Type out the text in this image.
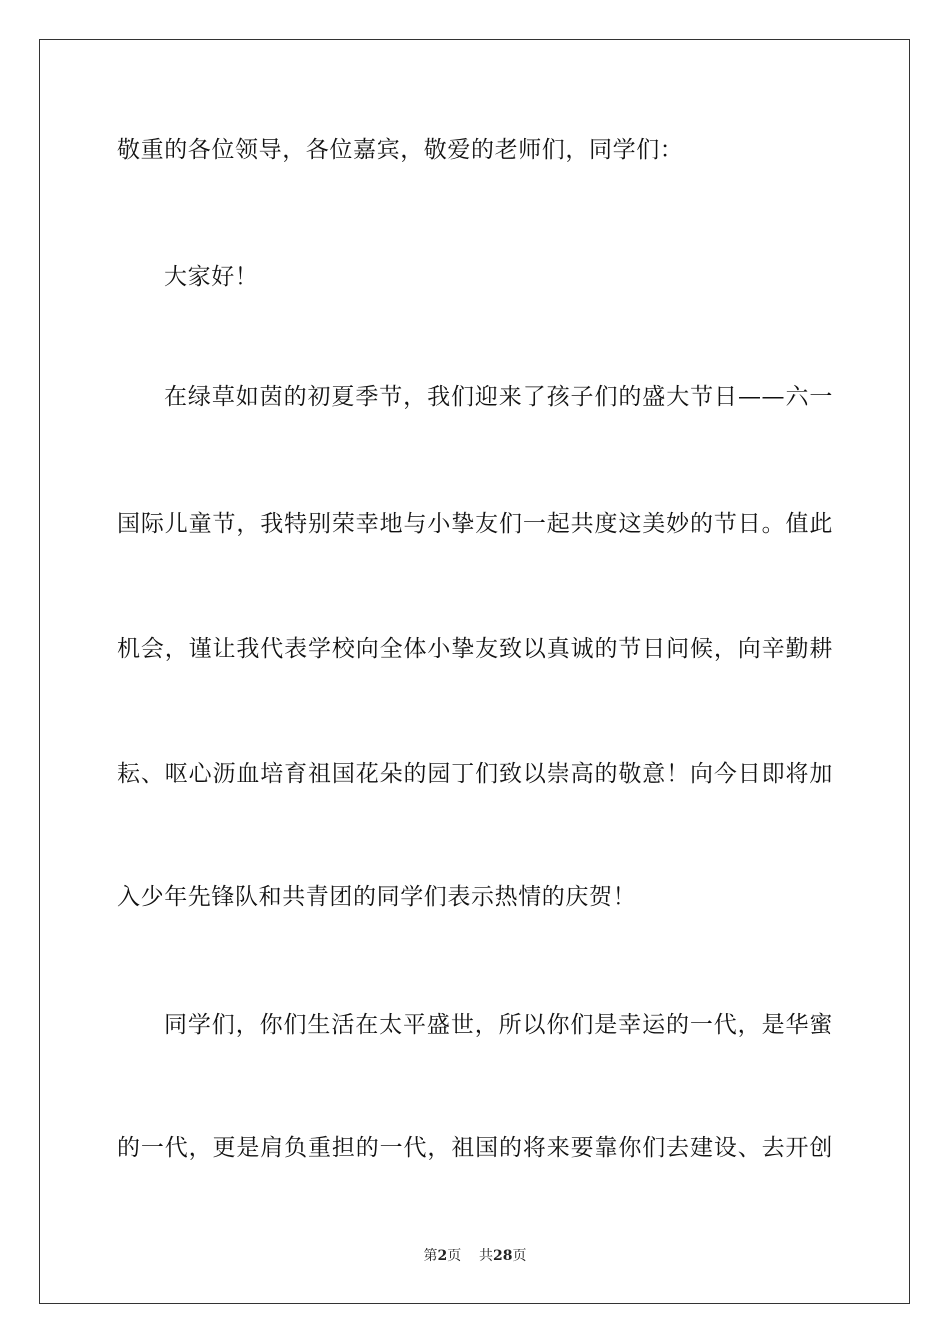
敬重的各位领导，各位嘉宾，敬爱的老师们，同学们：
大家好！
在绿草如茵的初夏季节，我们迎来了孩子们的盛大节日——六一
国际儿童节，我特别荣幸地与小挚友们一起共度这美妙的节日。值此
机会，谨让我代表学校向全体小挚友致以真诚的节日问候，向辛勤耕
耘、呕心沥血培育祖国花朵的园丁们致以崇高的敬意！向今日即将加
入少年先锋队和共青团的同学们表示热情的庆贺！
同学们，你们生活在太平盛世，所以你们是幸运的一代，是华蜜
的一代，更是肩负重担的一代，祖国的将来要靠你们去建设、去开创
第2页 共28页
